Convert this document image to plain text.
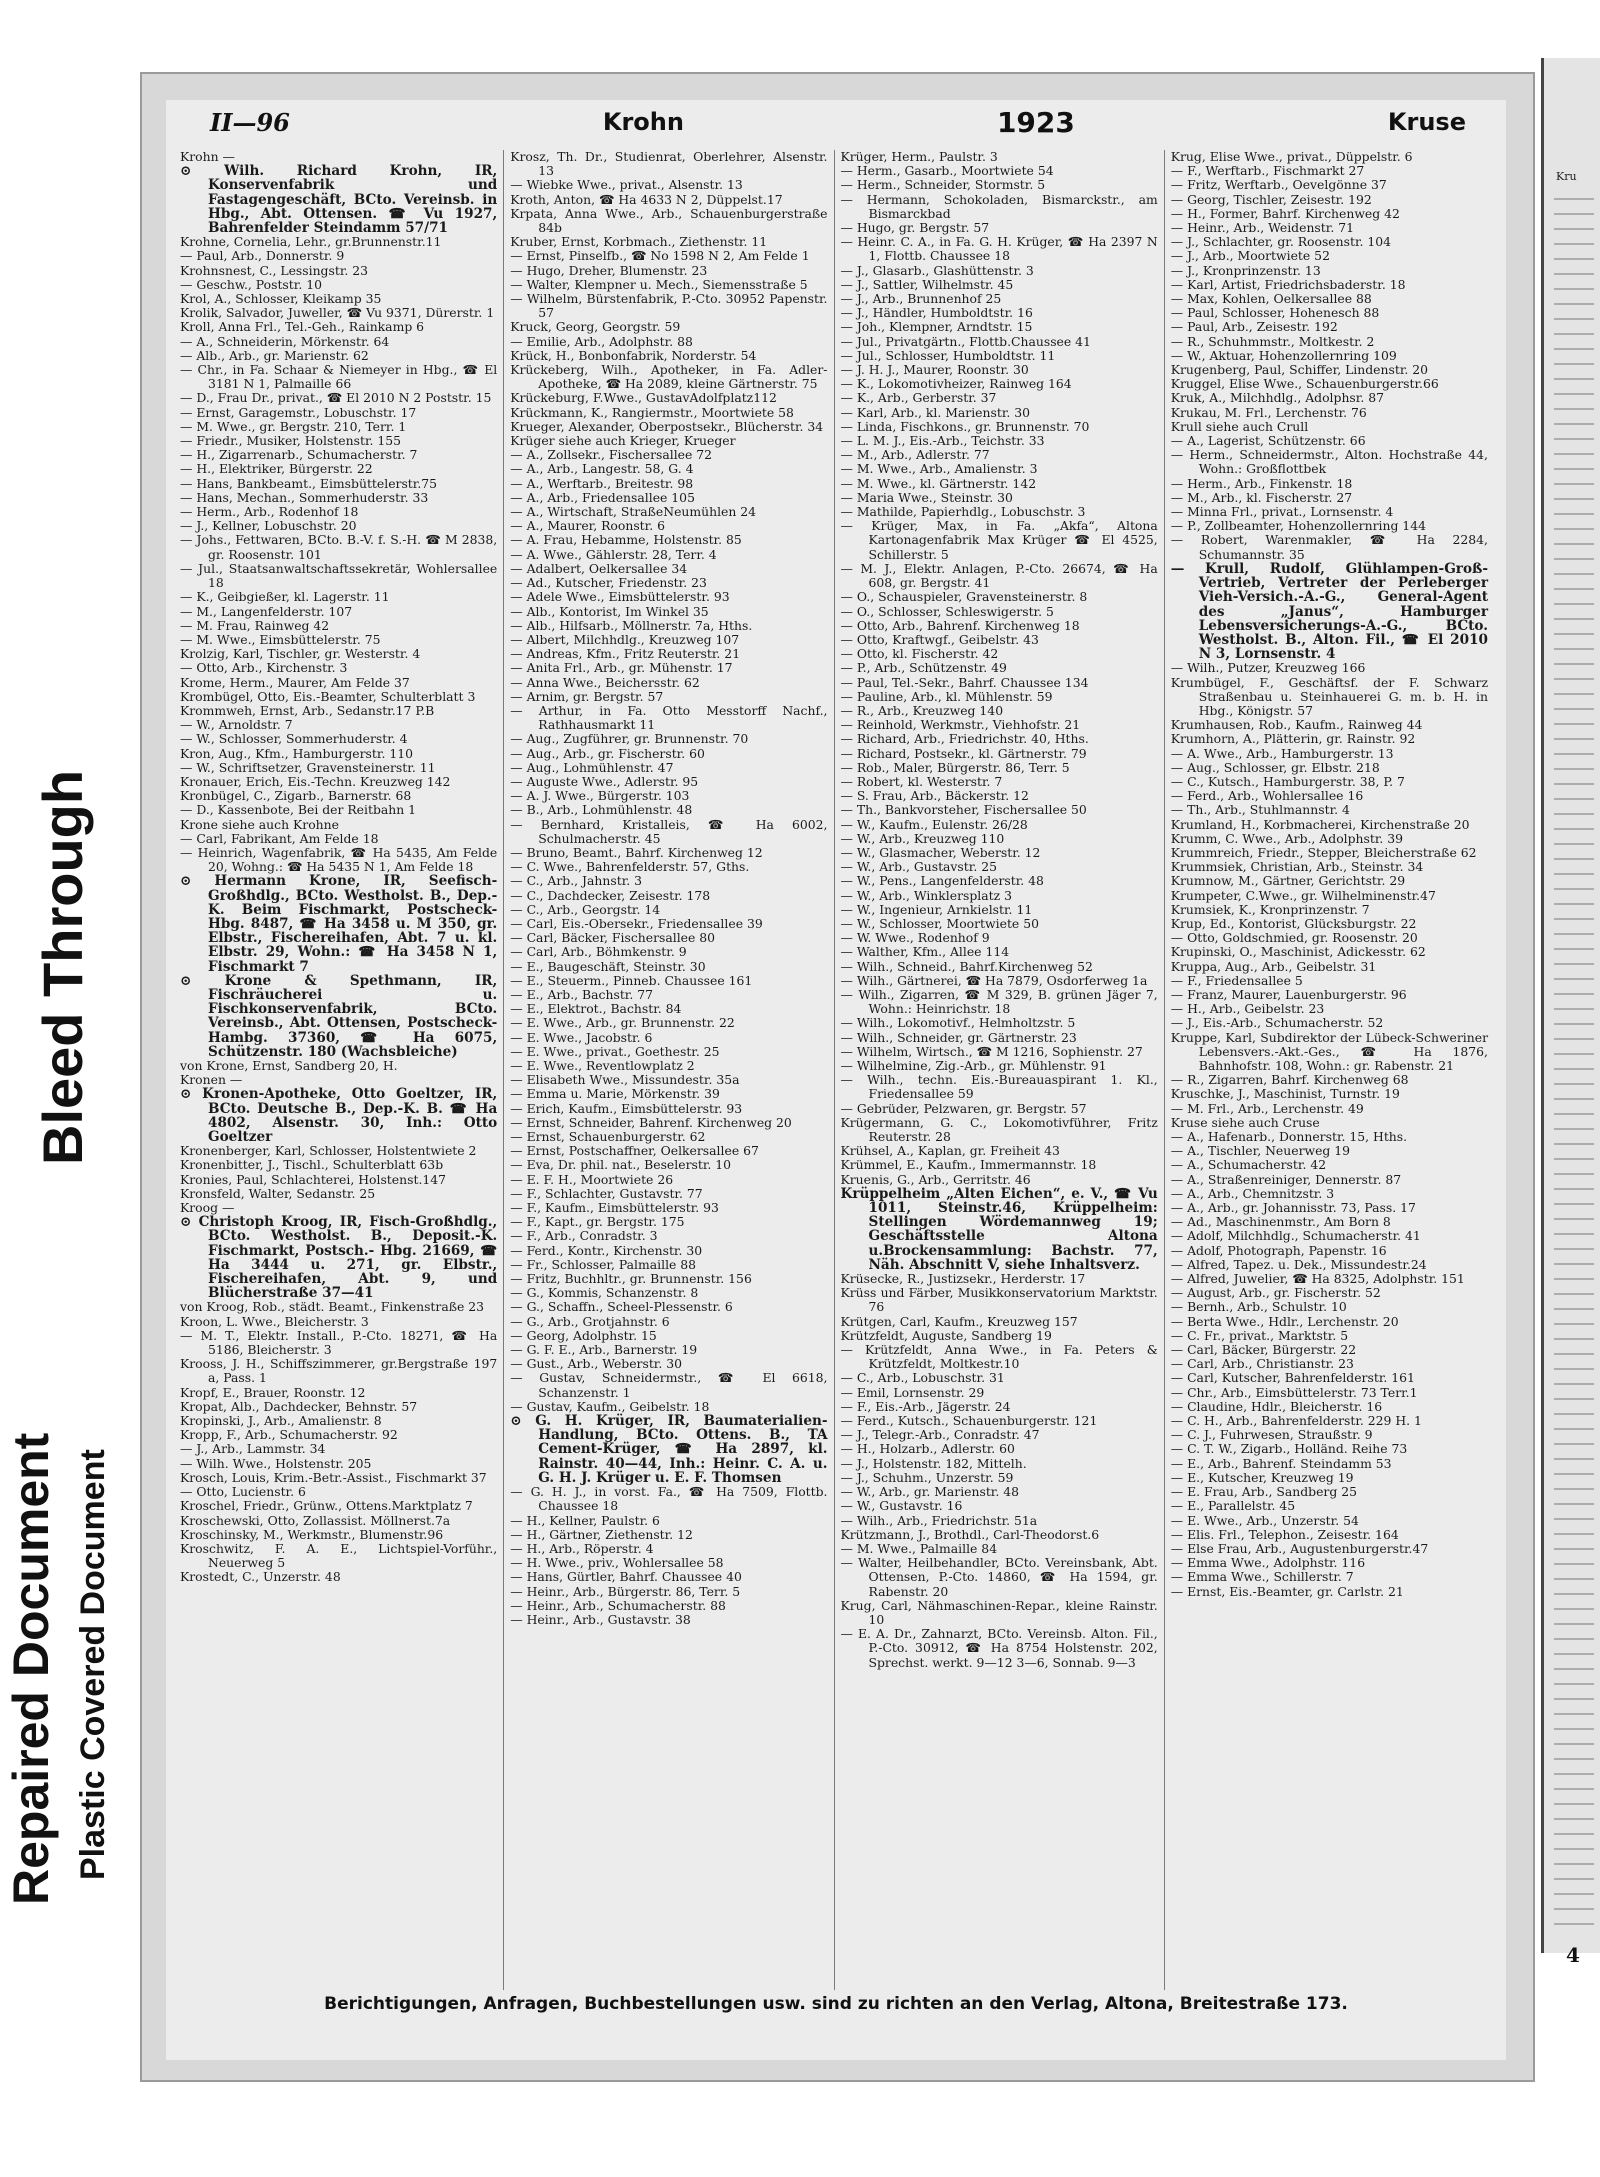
Bleed Through
Repaired Document Plastic Covered Document
II—96	Krohn	1923	Kruse

Krohn —

⊙ Wilh. Richard Krohn, IR, Konservenfabrik und Fastagengeschäft, BCto. Vereinsb. in Hbg., Abt. Ottensen. ☎ Vu 1927, Bahrenfelder Steindamm 57/71

Krohne, Cornelia, Lehr., gr.Brunnenstr.11

— Paul, Arb., Donnerstr. 9

Krohnsnest, C., Lessingstr. 23

— Geschw., Poststr. 10

Krol, A., Schlosser, Kleikamp 35

Krolik, Salvador, Juweller, ☎ Vu 9371, Dürerstr. 1

Kroll, Anna Frl., Tel.-Geh., Rainkamp 6

— A., Schneiderin, Mörkenstr. 64

— Alb., Arb., gr. Marienstr. 62

— Chr., in Fa. Schaar & Niemeyer in Hbg., ☎ El 3181 N 1, Palmaille 66

— D., Frau Dr., privat., ☎ El 2010 N 2 Poststr. 15

— Ernst, Garagemstr., Lobuschstr. 17

— M. Wwe., gr. Bergstr. 210, Terr. 1

— Friedr., Musiker, Holstenstr. 155

— H., Zigarrenarb., Schumacherstr. 7

— H., Elektriker, Bürgerstr. 22

— Hans, Bankbeamt., Eimsbüttelerstr.75

— Hans, Mechan., Sommerhuderstr. 33

— Herm., Arb., Rodenhof 18

— J., Kellner, Lobuschstr. 20

— Johs., Fettwaren, BCto. B.-V. f. S.-H. ☎ M 2838, gr. Roosenstr. 101

— Jul., Staatsanwaltschaftssekretär, Wohlersallee 18

— K., Geibgießer, kl. Lagerstr. 11

— M., Langenfelderstr. 107

— M. Frau, Rainweg 42

— M. Wwe., Eimsbüttelerstr. 75

Krolzig, Karl, Tischler, gr. Westerstr. 4

— Otto, Arb., Kirchenstr. 3

Krome, Herm., Maurer, Am Felde 37

Krombügel, Otto, Eis.-Beamter, Schulterblatt 3

Krommweh, Ernst, Arb., Sedanstr.17 P.B

— W., Arnoldstr. 7

— W., Schlosser, Sommerhuderstr. 4

Kron, Aug., Kfm., Hamburgerstr. 110

— W., Schriftsetzer, Gravensteinerstr. 11

Kronauer, Erich, Eis.-Techn. Kreuzweg 142

Kronbügel, C., Zigarb., Barnerstr. 68

— D., Kassenbote, Bei der Reitbahn 1

Krone siehe auch Krohne

— Carl, Fabrikant, Am Felde 18

— Heinrich, Wagenfabrik, ☎ Ha 5435, Am Felde 20, Wohng.: ☎ Ha 5435 N 1, Am Felde 18

⊙ Hermann Krone, IR, Seefisch-Großhdlg., BCto. Westholst. B., Dep.-K. Beim Fischmarkt, Postscheck- Hbg. 8487, ☎ Ha 3458 u. M 350, gr. Elbstr., Fischereihafen, Abt. 7 u. kl. Elbstr. 29, Wohn.: ☎ Ha 3458 N 1, Fischmarkt 7

⊙ Krone & Spethmann, IR, Fischräucherei u. Fischkonservenfabrik, BCto. Vereinsb., Abt. Ottensen, Postscheck- Hambg. 37360, ☎ Ha 6075, Schützenstr. 180 (Wachsbleiche)

von Krone, Ernst, Sandberg 20, H.

Kronen —

⊙ Kronen-Apotheke, Otto Goeltzer, IR, BCto. Deutsche B., Dep.-K. B. ☎ Ha 4802, Alsenstr. 30, Inh.: Otto Goeltzer

Kronenberger, Karl, Schlosser, Holstentwiete 2

Kronenbitter, J., Tischl., Schulterblatt 63b

Kronies, Paul, Schlachterei, Holstenst.147

Kronsfeld, Walter, Sedanstr. 25

Kroog —

⊙ Christoph Kroog, IR, Fisch-Großhdlg., BCto. Westholst. B., Deposit.-K. Fischmarkt, Postsch.- Hbg. 21669, ☎ Ha 3444 u. 271, gr. Elbstr., Fischereihafen, Abt. 9, und Blücherstraße 37—41

von Kroog, Rob., städt. Beamt., Finkenstraße 23

Kroon, L. Wwe., Bleicherstr. 3

— M. T., Elektr. Install., P.-Cto. 18271, ☎ Ha 5186, Bleicherstr. 3

Krooss, J. H., Schiffszimmerer, gr.Bergstraße 197 a, Pass. 1

Kropf, E., Brauer, Roonstr. 12

Kropat, Alb., Dachdecker, Behnstr. 57

Kropinski, J., Arb., Amalienstr. 8

Kropp, F., Arb., Schumacherstr. 92

— J., Arb., Lammstr. 34

— Wilh. Wwe., Holstenstr. 205

Krosch, Louis, Krim.-Betr.-Assist., Fischmarkt 37

— Otto, Lucienstr. 6

Kroschel, Friedr., Grünw., Ottens.Marktplatz 7

Kroschewski, Otto, Zollassist. Möllnerst.7a

Kroschinsky, M., Werkmstr., Blumenstr.96

Kroschwitz, F. A. E., Lichtspiel-Vorführ., Neuerweg 5

Krostedt, C., Unzerstr. 48

Krosz, Th. Dr., Studienrat, Oberlehrer, Alsenstr. 13

— Wiebke Wwe., privat., Alsenstr. 13

Kroth, Anton, ☎ Ha 4633 N 2, Düppelst.17

Krpata, Anna Wwe., Arb., Schauenburgerstraße 84b

Kruber, Ernst, Korbmach., Ziethenstr. 11

— Ernst, Pinselfb., ☎ No 1598 N 2, Am Felde 1

— Hugo, Dreher, Blumenstr. 23

— Walter, Klempner u. Mech., Siemensstraße 5

— Wilhelm, Bürstenfabrik, P.-Cto. 30952 Papenstr. 57

Kruck, Georg, Georgstr. 59

— Emilie, Arb., Adolphstr. 88

Krück, H., Bonbonfabrik, Norderstr. 54

Krückeberg, Wilh., Apotheker, in Fa. Adler-Apotheke, ☎ Ha 2089, kleine Gärtnerstr. 75

Krückeburg, F.Wwe., GustavAdolfplatz112

Krückmann, K., Rangiermstr., Moortwiete 58

Krueger, Alexander, Oberpostsekr., Blücherstr. 34

Krüger siehe auch Krieger, Krueger

— A., Zollsekr., Fischersallee 72

— A., Arb., Langestr. 58, G. 4

— A., Werftarb., Breitestr. 98

— A., Arb., Friedensallee 105

— A., Wirtschaft, StraßeNeumühlen 24

— A., Maurer, Roonstr. 6

— A. Frau, Hebamme, Holstenstr. 85

— A. Wwe., Gählerstr. 28, Terr. 4

— Adalbert, Oelkersallee 34

— Ad., Kutscher, Friedenstr. 23

— Adele Wwe., Eimsbüttelerstr. 93

— Alb., Kontorist, Im Winkel 35

— Alb., Hilfsarb., Möllnerstr. 7a, Hths.

— Albert, Milchhdlg., Kreuzweg 107

— Andreas, Kfm., Fritz Reuterstr. 21

— Anita Frl., Arb., gr. Mühenstr. 17

— Anna Wwe., Beichersstr. 62

— Arnim, gr. Bergstr. 57

— Arthur, in Fa. Otto Messtorff Nachf., Rathhausmarkt 11

— Aug., Zugführer, gr. Brunnenstr. 70

— Aug., Arb., gr. Fischerstr. 60

— Aug., Lohmühlenstr. 47

— Auguste Wwe., Adlerstr. 95

— A. J. Wwe., Bürgerstr. 103

— B., Arb., Lohmühlenstr. 48

— Bernhard, Kristalleis, ☎ Ha 6002, Schulmacherstr. 45

— Bruno, Beamt., Bahrf. Kirchenweg 12

— C. Wwe., Bahrenfelderstr. 57, Gths.

— C., Arb., Jahnstr. 3

— C., Dachdecker, Zeisestr. 178

— C., Arb., Georgstr. 14

— Carl, Eis.-Obersekr., Friedensallee 39

— Carl, Bäcker, Fischersallee 80

— Carl, Arb., Böhmkenstr. 9

— E., Baugeschäft, Steinstr. 30

— E., Steuerm., Pinneb. Chaussee 161

— E., Arb., Bachstr. 77

— E., Elektrot., Bachstr. 84

— E. Wwe., Arb., gr. Brunnenstr. 22

— E. Wwe., Jacobstr. 6

— E. Wwe., privat., Goethestr. 25

— E. Wwe., Reventlowplatz 2

— Elisabeth Wwe., Missundestr. 35a

— Emma u. Marie, Mörkenstr. 39

— Erich, Kaufm., Eimsbüttelerstr. 93

— Ernst, Schneider, Bahrenf. Kirchenweg 20

— Ernst, Schauenburgerstr. 62

— Ernst, Postschaffner, Oelkersallee 67

— Eva, Dr. phil. nat., Beselerstr. 10

— E. F. H., Moortwiete 26

— F., Schlachter, Gustavstr. 77

— F., Kaufm., Eimsbüttelerstr. 93

— F., Kapt., gr. Bergstr. 175

— F., Arb., Conradstr. 3

— Ferd., Kontr., Kirchenstr. 30

— Fr., Schlosser, Palmaille 88

— Fritz, Buchhltr., gr. Brunnenstr. 156

— G., Kommis, Schanzenstr. 8

— G., Schaffn., Scheel-Plessenstr. 6

— G., Arb., Grotjahnstr. 6

— Georg, Adolphstr. 15

— G. F. E., Arb., Barnerstr. 19

— Gust., Arb., Weberstr. 30

— Gustav, Schneidermstr., ☎ El 6618, Schanzenstr. 1

— Gustav, Kaufm., Geibelstr. 18

⊙ G. H. Krüger, IR, Baumaterialien-Handlung, BCto. Ottens. B., TA Cement-Krüger, ☎ Ha 2897, kl. Rainstr. 40—44, Inh.: Heinr. C. A. u. G. H. J. Krüger u. E. F. Thomsen

— G. H. J., in vorst. Fa., ☎ Ha 7509, Flottb. Chaussee 18

— H., Kellner, Paulstr. 6

— H., Gärtner, Ziethenstr. 12

— H., Arb., Röperstr. 4

— H. Wwe., priv., Wohlersallee 58

— Hans, Gürtler, Bahrf. Chaussee 40

— Heinr., Arb., Bürgerstr. 86, Terr. 5

— Heinr., Arb., Schumacherstr. 88

— Heinr., Arb., Gustavstr. 38

Krüger, Herm., Paulstr. 3

— Herm., Gasarb., Moortwiete 54

— Herm., Schneider, Stormstr. 5

— Hermann, Schokoladen, Bismarckstr., am Bismarckbad

— Hugo, gr. Bergstr. 57

— Heinr. C. A., in Fa. G. H. Krüger, ☎ Ha 2397 N 1, Flottb. Chaussee 18

— J., Glasarb., Glashüttenstr. 3

— J., Sattler, Wilhelmstr. 45

— J., Arb., Brunnenhof 25

— J., Händler, Humboldtstr. 16

— Joh., Klempner, Arndtstr. 15

— Jul., Privatgärtn., Flottb.Chaussee 41

— Jul., Schlosser, Humboldtstr. 11

— J. H. J., Maurer, Roonstr. 30

— K., Lokomotivheizer, Rainweg 164

— K., Arb., Gerberstr. 37

— Karl, Arb., kl. Marienstr. 30

— Linda, Fischkons., gr. Brunnenstr. 70

— L. M. J., Eis.-Arb., Teichstr. 33

— M., Arb., Adlerstr. 77

— M. Wwe., Arb., Amalienstr. 3

— M. Wwe., kl. Gärtnerstr. 142

— Maria Wwe., Steinstr. 30

— Mathilde, Papierhdlg., Lobuschstr. 3

— Krüger, Max, in Fa. „Akfa“, Altona Kartonagenfabrik Max Krüger ☎ El 4525, Schillerstr. 5

— M. J., Elektr. Anlagen, P.-Cto. 26674, ☎ Ha 608, gr. Bergstr. 41

— O., Schauspieler, Gravensteinerstr. 8

— O., Schlosser, Schleswigerstr. 5

— Otto, Arb., Bahrenf. Kirchenweg 18

— Otto, Kraftwgf., Geibelstr. 43

— Otto, kl. Fischerstr. 42

— P., Arb., Schützenstr. 49

— Paul, Tel.-Sekr., Bahrf. Chaussee 134

— Pauline, Arb., kl. Mühlenstr. 59

— R., Arb., Kreuzweg 140

— Reinhold, Werkmstr., Viehhofstr. 21

— Richard, Arb., Friedrichstr. 40, Hths.

— Richard, Postsekr., kl. Gärtnerstr. 79

— Rob., Maler, Bürgerstr. 86, Terr. 5

— Robert, kl. Westerstr. 7

— S. Frau, Arb., Bäckerstr. 12

— Th., Bankvorsteher, Fischersallee 50

— W., Kaufm., Eulenstr. 26/28

— W., Arb., Kreuzweg 110

— W., Glasmacher, Weberstr. 12

— W., Arb., Gustavstr. 25

— W., Pens., Langenfelderstr. 48

— W., Arb., Winklersplatz 3

— W., Ingenieur, Arnkielstr. 11

— W., Schlosser, Moortwiete 50

— W. Wwe., Rodenhof 9

— Walther, Kfm., Allee 114

— Wilh., Schneid., Bahrf.Kirchenweg 52

— Wilh., Gärtnerei, ☎ Ha 7879, Osdorferweg 1a

— Wilh., Zigarren, ☎ M 329, B. grünen Jäger 7, Wohn.: Heinrichstr. 18

— Wilh., Lokomotivf., Helmholtzstr. 5

— Wilh., Schneider, gr. Gärtnerstr. 23

— Wilhelm, Wirtsch., ☎ M 1216, Sophienstr. 27

— Wilhelmine, Zig.-Arb., gr. Mühlenstr. 91

— Wilh., techn. Eis.-Bureauaspirant 1. Kl., Friedensallee 59

— Gebrüder, Pelzwaren, gr. Bergstr. 57

Krügermann, G. C., Lokomotivführer, Fritz Reuterstr. 28

Krühsel, A., Kaplan, gr. Freiheit 43

Krümmel, E., Kaufm., Immermannstr. 18

Kruenis, G., Arb., Gerritstr. 46

Krüppelheim „Alten Eichen“, e. V., ☎ Vu 1011, Steinstr.46, Krüppelheim: Stellingen Wördemannweg 19; Geschäftsstelle Altona u.Brockensammlung: Bachstr. 77, Näh. Abschnitt V, siehe Inhaltsverz.

Krüsecke, R., Justizsekr., Herderstr. 17

Krüss und Färber, Musikkonservatorium Marktstr. 76

Krütgen, Carl, Kaufm., Kreuzweg 157

Krützfeldt, Auguste, Sandberg 19

— Krützfeldt, Anna Wwe., in Fa. Peters & Krützfeldt, Moltkestr.10

— C., Arb., Lobuschstr. 31

— Emil, Lornsenstr. 29

— F., Eis.-Arb., Jägerstr. 24

— Ferd., Kutsch., Schauenburgerstr. 121

— J., Telegr.-Arb., Conradstr. 47

— H., Holzarb., Adlerstr. 60

— J., Holstenstr. 182, Mittelh.

— J., Schuhm., Unzerstr. 59

— W., Arb., gr. Marienstr. 48

— W., Gustavstr. 16

— Wilh., Arb., Friedrichstr. 51a

Krützmann, J., Brothdl., Carl-Theodorst.6

— M. Wwe., Palmaille 84

— Walter, Heilbehandler, BCto. Vereinsbank, Abt. Ottensen, P.-Cto. 14860, ☎ Ha 1594, gr. Rabenstr. 20

Krug, Carl, Nähmaschinen-Repar., kleine Rainstr. 10

— E. A. Dr., Zahnarzt, BCto. Vereinsb. Alton. Fil., P.-Cto. 30912, ☎ Ha 8754 Holstenstr. 202, Sprechst. werkt. 9—12 3—6, Sonnab. 9—3

Krug, Elise Wwe., privat., Düppelstr. 6

— F., Werftarb., Fischmarkt 27

— Fritz, Werftarb., Oevelgönne 37

— Georg, Tischler, Zeisestr. 192

— H., Former, Bahrf. Kirchenweg 42

— Heinr., Arb., Weidenstr. 71

— J., Schlachter, gr. Roosenstr. 104

— J., Arb., Moortwiete 52

— J., Kronprinzenstr. 13

— Karl, Artist, Friedrichsbaderstr. 18

— Max, Kohlen, Oelkersallee 88

— Paul, Schlosser, Hohenesch 88

— Paul, Arb., Zeisestr. 192

— R., Schuhmmstr., Moltkestr. 2

— W., Aktuar, Hohenzollernring 109

Krugenberg, Paul, Schiffer, Lindenstr. 20

Kruggel, Elise Wwe., Schauenburgerstr.66

Kruk, A., Milchhdlg., Adolphsr. 87

Krukau, M. Frl., Lerchenstr. 76

Krull siehe auch Crull

— A., Lagerist, Schützenstr. 66

— Herm., Schneidermstr., Alton. Hochstraße 44, Wohn.: Großflottbek

— Herm., Arb., Finkenstr. 18

— M., Arb., kl. Fischerstr. 27

— Minna Frl., privat., Lornsenstr. 4

— P., Zollbeamter, Hohenzollernring 144

— Robert, Warenmakler, ☎ Ha 2284, Schumannstr. 35

— Krull, Rudolf, Glühlampen-Groß-Vertrieb, Vertreter der Perleberger Vieh-Versich.-A.-G., General-Agent des „Janus“, Hamburger Lebensversicherungs-A.-G., BCto. Westholst. B., Alton. Fil., ☎ El 2010 N 3, Lornsenstr. 4

— Wilh., Putzer, Kreuzweg 166

Krumbügel, F., Geschäftsf. der F. Schwarz Straßenbau u. Steinhauerei G. m. b. H. in Hbg., Königstr. 57

Krumhausen, Rob., Kaufm., Rainweg 44

Krumhorn, A., Plätterin, gr. Rainstr. 92

— A. Wwe., Arb., Hamburgerstr. 13

— Aug., Schlosser, gr. Elbstr. 218

— C., Kutsch., Hamburgerstr. 38, P. 7

— Ferd., Arb., Wohlersallee 16

— Th., Arb., Stuhlmannstr. 4

Krumland, H., Korbmacherei, Kirchenstraße 20

Krumm, C. Wwe., Arb., Adolphstr. 39

Krummreich, Friedr., Stepper, Bleicherstraße 62

Krummsiek, Christian, Arb., Steinstr. 34

Krumnow, M., Gärtner, Gerichtstr. 29

Krumpeter, C.Wwe., gr. Wilhelminenstr.47

Krumsiek, K., Kronprinzenstr. 7

Krup, Ed., Kontorist, Glücksburgstr. 22

— Otto, Goldschmied, gr. Roosenstr. 20

Krupinski, O., Maschinist, Adickesstr. 62

Kruppa, Aug., Arb., Geibelstr. 31

— F., Friedensallee 5

— Franz, Maurer, Lauenburgerstr. 96

— H., Arb., Geibelstr. 23

— J., Eis.-Arb., Schumacherstr. 52

Kruppe, Karl, Subdirektor der Lübeck-Schweriner Lebensvers.-Akt.-Ges., ☎ Ha 1876, Bahnhofstr. 108, Wohn.: gr. Rabenstr. 21

— R., Zigarren, Bahrf. Kirchenweg 68

Kruschke, J., Maschinist, Turnstr. 19

— M. Frl., Arb., Lerchenstr. 49

Kruse siehe auch Cruse

— A., Hafenarb., Donnerstr. 15, Hths.

— A., Tischler, Neuerweg 19

— A., Schumacherstr. 42

— A., Straßenreiniger, Dennerstr. 87

— A., Arb., Chemnitzstr. 3

— A., Arb., gr. Johannisstr. 73, Pass. 17

— Ad., Maschinenmstr., Am Born 8

— Adolf, Milchhdlg., Schumacherstr. 41

— Adolf, Photograph, Papenstr. 16

— Alfred, Tapez. u. Dek., Missundestr.24

— Alfred, Juwelier, ☎ Ha 8325, Adolphstr. 151

— August, Arb., gr. Fischerstr. 52

— Bernh., Arb., Schulstr. 10

— Berta Wwe., Hdlr., Lerchenstr. 20

— C. Fr., privat., Marktstr. 5

— Carl, Bäcker, Bürgerstr. 22

— Carl, Arb., Christianstr. 23

— Carl, Kutscher, Bahrenfelderstr. 161

— Chr., Arb., Eimsbüttelerstr. 73 Terr.1

— Claudine, Hdlr., Bleicherstr. 16

— C. H., Arb., Bahrenfelderstr. 229 H. 1

— C. J., Fuhrwesen, Straußstr. 9

— C. T. W., Zigarb., Holländ. Reihe 73

— E., Arb., Bahrenf. Steindamm 53

— E., Kutscher, Kreuzweg 19

— E. Frau, Arb., Sandberg 25

— E., Parallelstr. 45

— E. Wwe., Arb., Unzerstr. 54

— Elis. Frl., Telephon., Zeisestr. 164

— Else Frau, Arb., Augustenburgerstr.47

— Emma Wwe., Adolphstr. 116

— Emma Wwe., Schillerstr. 7

— Ernst, Eis.-Beamter, gr. Carlstr. 21

Berichtigungen, Anfragen, Buchbestellungen usw. sind zu richten an den Verlag, Altona, Breitestraße 173.
Kru
4
